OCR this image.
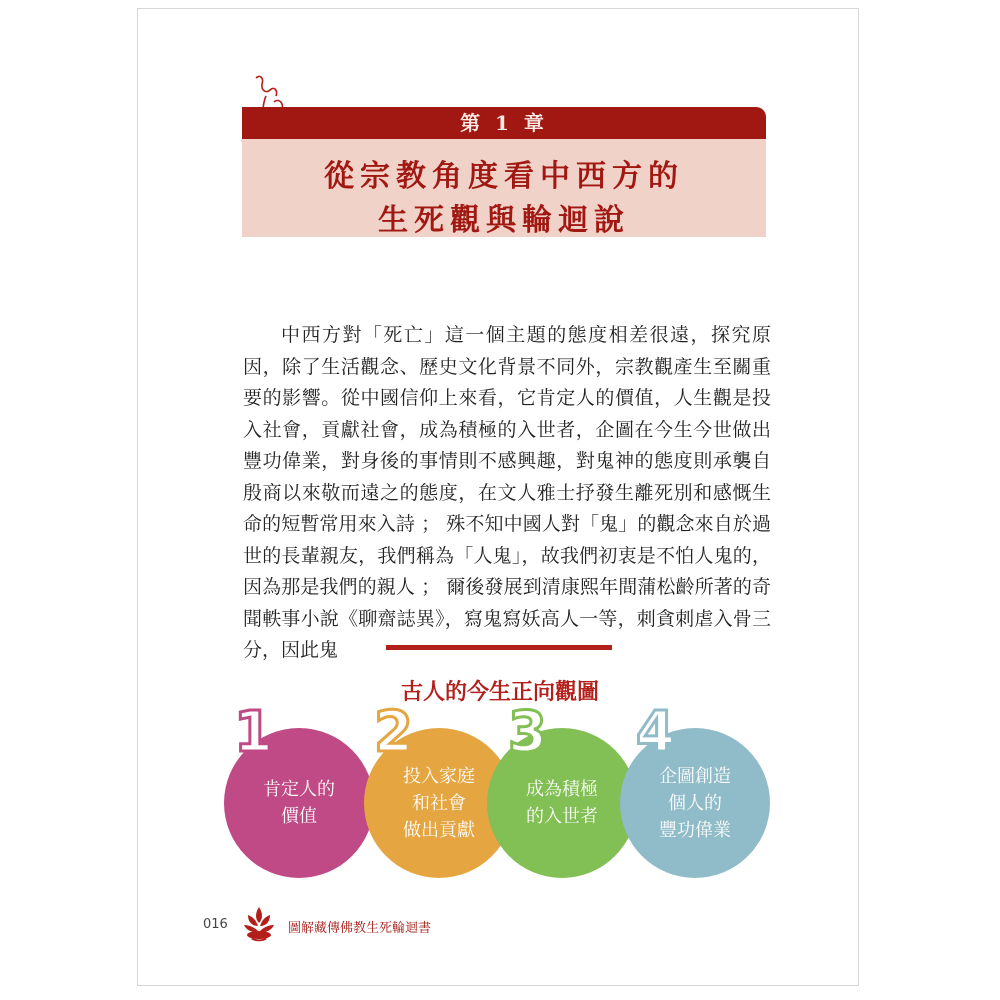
第 1 章
從宗教角度看中西方的
生死觀與輪迴說

中西方對「死亡」這一個主題的態度相差很遠，探究原因，除了生活觀念、歷史文化背景不同外，宗教觀產生至關重要的影響。從中國信仰上來看，它肯定人的價值，人生觀是投入社會，貢獻社會，成為積極的入世者，企圖在今生今世做出豐功偉業，對身後的事情則不感興趣，對鬼神的態度則承襲自殷商以來敬而遠之的態度，在文人雅士抒發生離死別和感慨生命的短暫常用來入詩 ； 殊不知中國人對「鬼」的觀念來自於過世的長輩親友，我們稱為「人鬼」，故我們初衷是不怕人鬼的，因為那是我們的親人 ； 爾後發展到清康熙年間蒲松齡所著的奇聞軼事小說《聊齋誌異》，寫鬼寫妖高人一等，刺貪刺虐入骨三分，因此鬼

古人的今生正向觀圖
肯定人的
價值
投入家庭
和社會
做出貢獻
成為積極
的入世者
企圖創造
個人的
豐功偉業
1 2 3 4
016	圖解藏傳佛教生死輪迴書
